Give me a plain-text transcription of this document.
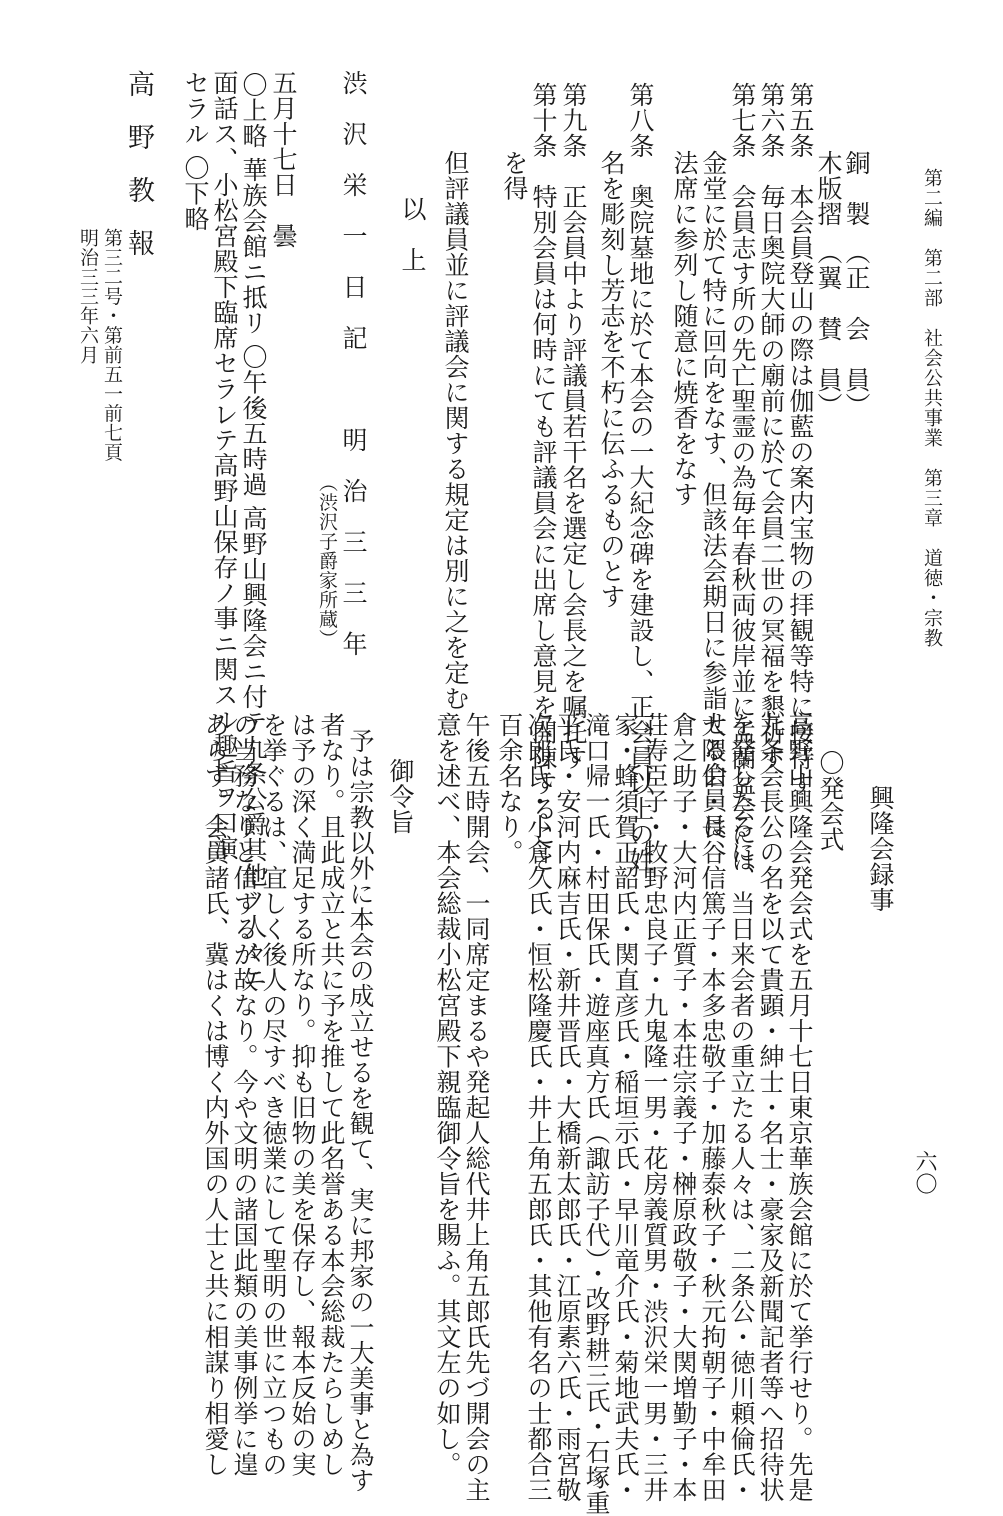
第二編　第二部　社会公共事業　第三章　道徳・宗教
六〇
銅　製　（正　会　員）
木版摺　（翼　賛　員）
第五条　本会員登山の際は伽藍の案内宝物の拝観等特に接待す
第六条　毎日奥院大師の廟前に於て会員二世の冥福を懇祈す
第七条　会員志す所の先亡聖霊の為毎年春秋両彼岸並に盂蘭盆会には
金堂に於て特に回向をなす、但該法会期日に参詣せる会員は
法席に参列し随意に焼香をなす
第八条　奥院墓地に於て本会の一大紀念碑を建設し、正会員以上の姓
名を彫刻し芳志を不朽に伝ふるものとす
第九条　正会員中より評議員若干名を選定し会長之を嘱托す
第十条　特別会員は何時にても評議員会に出席し意見を開陳すること
を得
但評議員並に評議会に関する規定は別に之を定む
以　上
渋沢栄一日記　明治三三年
（渋沢子爵家所蔵）
五月十七日　曇
〇上略 華族会館ニ抵リ 〇午後五時過 高野山興隆会ニ付テ九条公爵其他ノ人々ニ
面話ス、小松宮殿下臨席セラレテ高野山保存ノ事ニ関スル趣旨ヲ口演
セラル 〇下略
高野教報
第三二号・第前五一前七頁
明治三三年六月
興隆会録事
〇発会式
高野山興隆会発会式を五月十七日東京華族会館に於て挙行せり。先是
九条会長公の名を以て貴顕・紳士・名士・豪家及新聞記者等へ招待状
を発したるに、当日来会者の重立たる人々は、二条公・徳川頼倫氏・
大隈伯・長谷信篤子・本多忠敬子・加藤泰秋子・秋元拘朝子・中牟田
倉之助子・大河内正質子・本荘宗義子・榊原政敬子・大関増勤子・本
荘寿臣子・牧野忠良子・九鬼隆一男・花房義質男・渋沢栄一男・三井
家・蜂須賀正韶氏・関直彦氏・稲垣示氏・早川竜介氏・菊地武夫氏・
滝口帰一氏・村田保氏・遊座真方氏（諏訪子代）・改野耕三氏・石塚重
平氏・安河内麻吉氏・新井晋氏・大橋新太郎氏・江原素六氏・雨宮敬
次郎氏・小倉久氏・恒松隆慶氏・井上角五郎氏・其他有名の士都合三
百余名なり。
午後五時開会、一同席定まるや発起人総代井上角五郎氏先づ開会の主
意を述べ、本会総裁小松宮殿下親臨御令旨を賜ふ。其文左の如し。
御令旨
予は宗教以外に本会の成立せるを観て、実に邦家の一大美事と為す
者なり。且此成立と共に予を推して此名誉ある本会総裁たらしめし
は予の深く満足する所なり。抑も旧物の美を保存し、報本反始の実
を挙ぐるは、宜しく後人の尽すべき徳業にして聖明の世に立つもの
の当務なりと信ずるが故なり。今や文明の諸国此類の美事例挙に遑
あらず。会員諸氏、冀はくは博く内外国の人士と共に相謀り相愛し
